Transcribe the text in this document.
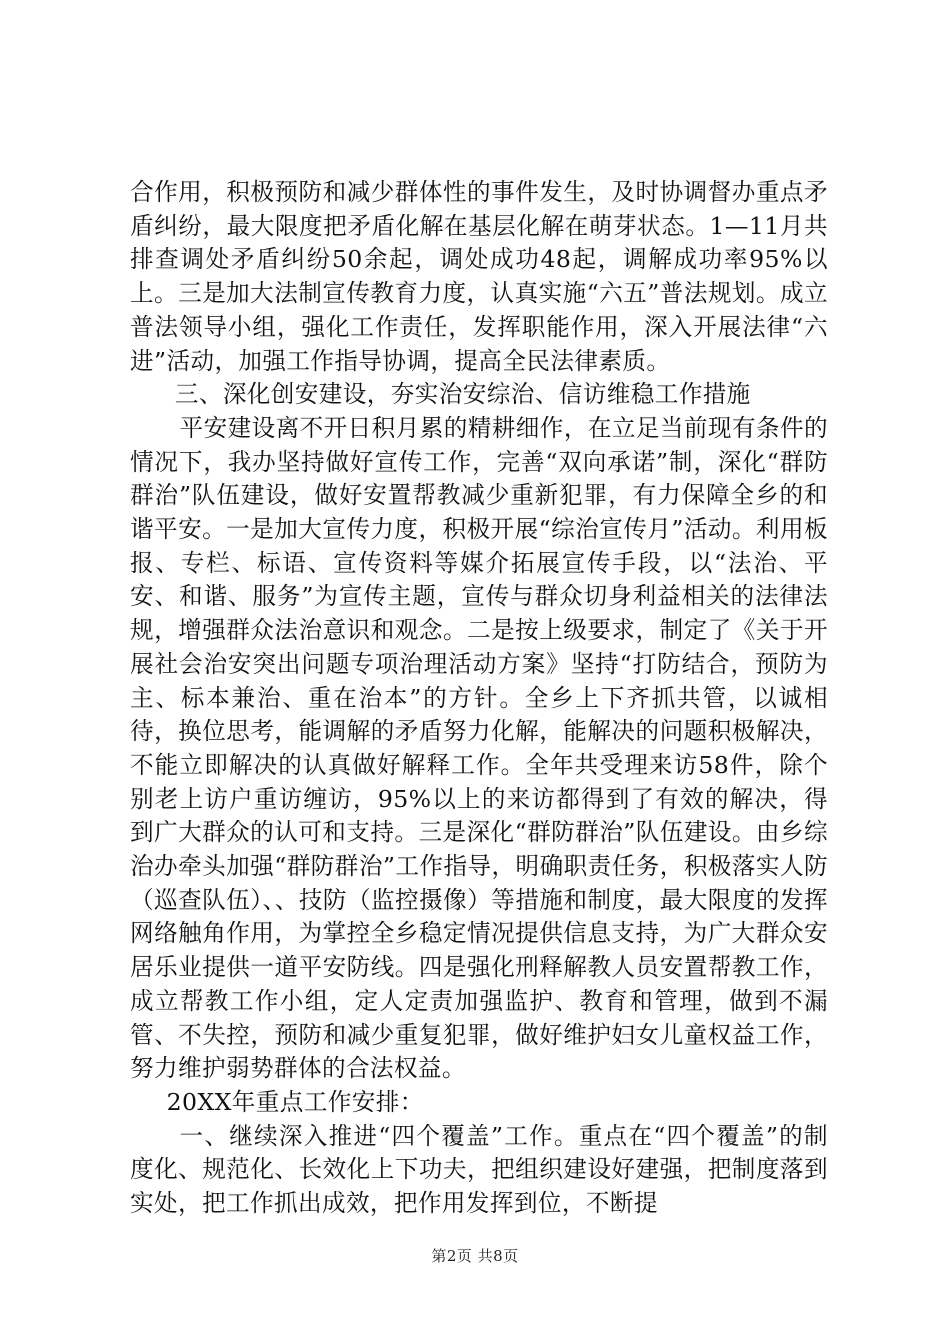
合作用，积极预防和减少群体性的事件发生，及时协调督办重点矛盾纠纷，最大限度把矛盾化解在基层化解在萌芽状态。1—11月共排查调处矛盾纠纷50余起，调处成功48起，调解成功率95%以上。三是加大法制宣传教育力度，认真实施“六五”普法规划。成立普法领导小组，强化工作责任，发挥职能作用，深入开展法律“六进”活动，加强工作指导协调，提高全民法律素质。

三、深化创安建设，夯实治安综治、信访维稳工作措施

平安建设离不开日积月累的精耕细作，在立足当前现有条件的情况下，我办坚持做好宣传工作，完善“双向承诺”制，深化“群防群治”队伍建设，做好安置帮教减少重新犯罪，有力保障全乡的和谐平安。一是加大宣传力度，积极开展“综治宣传月”活动。利用板报、专栏、标语、宣传资料等媒介拓展宣传手段，以“法治、平安、和谐、服务”为宣传主题，宣传与群众切身利益相关的法律法规，增强群众法治意识和观念。二是按上级要求，制定了《关于开展社会治安突出问题专项治理活动方案》坚持“打防结合，预防为主、标本兼治、重在治本”的方针。全乡上下齐抓共管，以诚相待，换位思考，能调解的矛盾努力化解，能解决的问题积极解决，不能立即解决的认真做好解释工作。全年共受理来访58件，除个别老上访户重访缠访，95%以上的来访都得到了有效的解决，得到广大群众的认可和支持。三是深化“群防群治”队伍建设。由乡综治办牵头加强“群防群治”工作指导，明确职责任务，积极落实人防（巡查队伍）、、技防（监控摄像）等措施和制度，最大限度的发挥网络触角作用，为掌控全乡稳定情况提供信息支持，为广大群众安居乐业提供一道平安防线。四是强化刑释解教人员安置帮教工作，成立帮教工作小组，定人定责加强监护、教育和管理，做到不漏管、不失控，预防和减少重复犯罪，做好维护妇女儿童权益工作，努力维护弱势群体的合法权益。

20XX年重点工作安排：

一、继续深入推进“四个覆盖”工作。重点在“四个覆盖”的制度化、规范化、长效化上下功夫，把组织建设好建强，把制度落到实处，把工作抓出成效，把作用发挥到位，不断提

第2页 共8页
